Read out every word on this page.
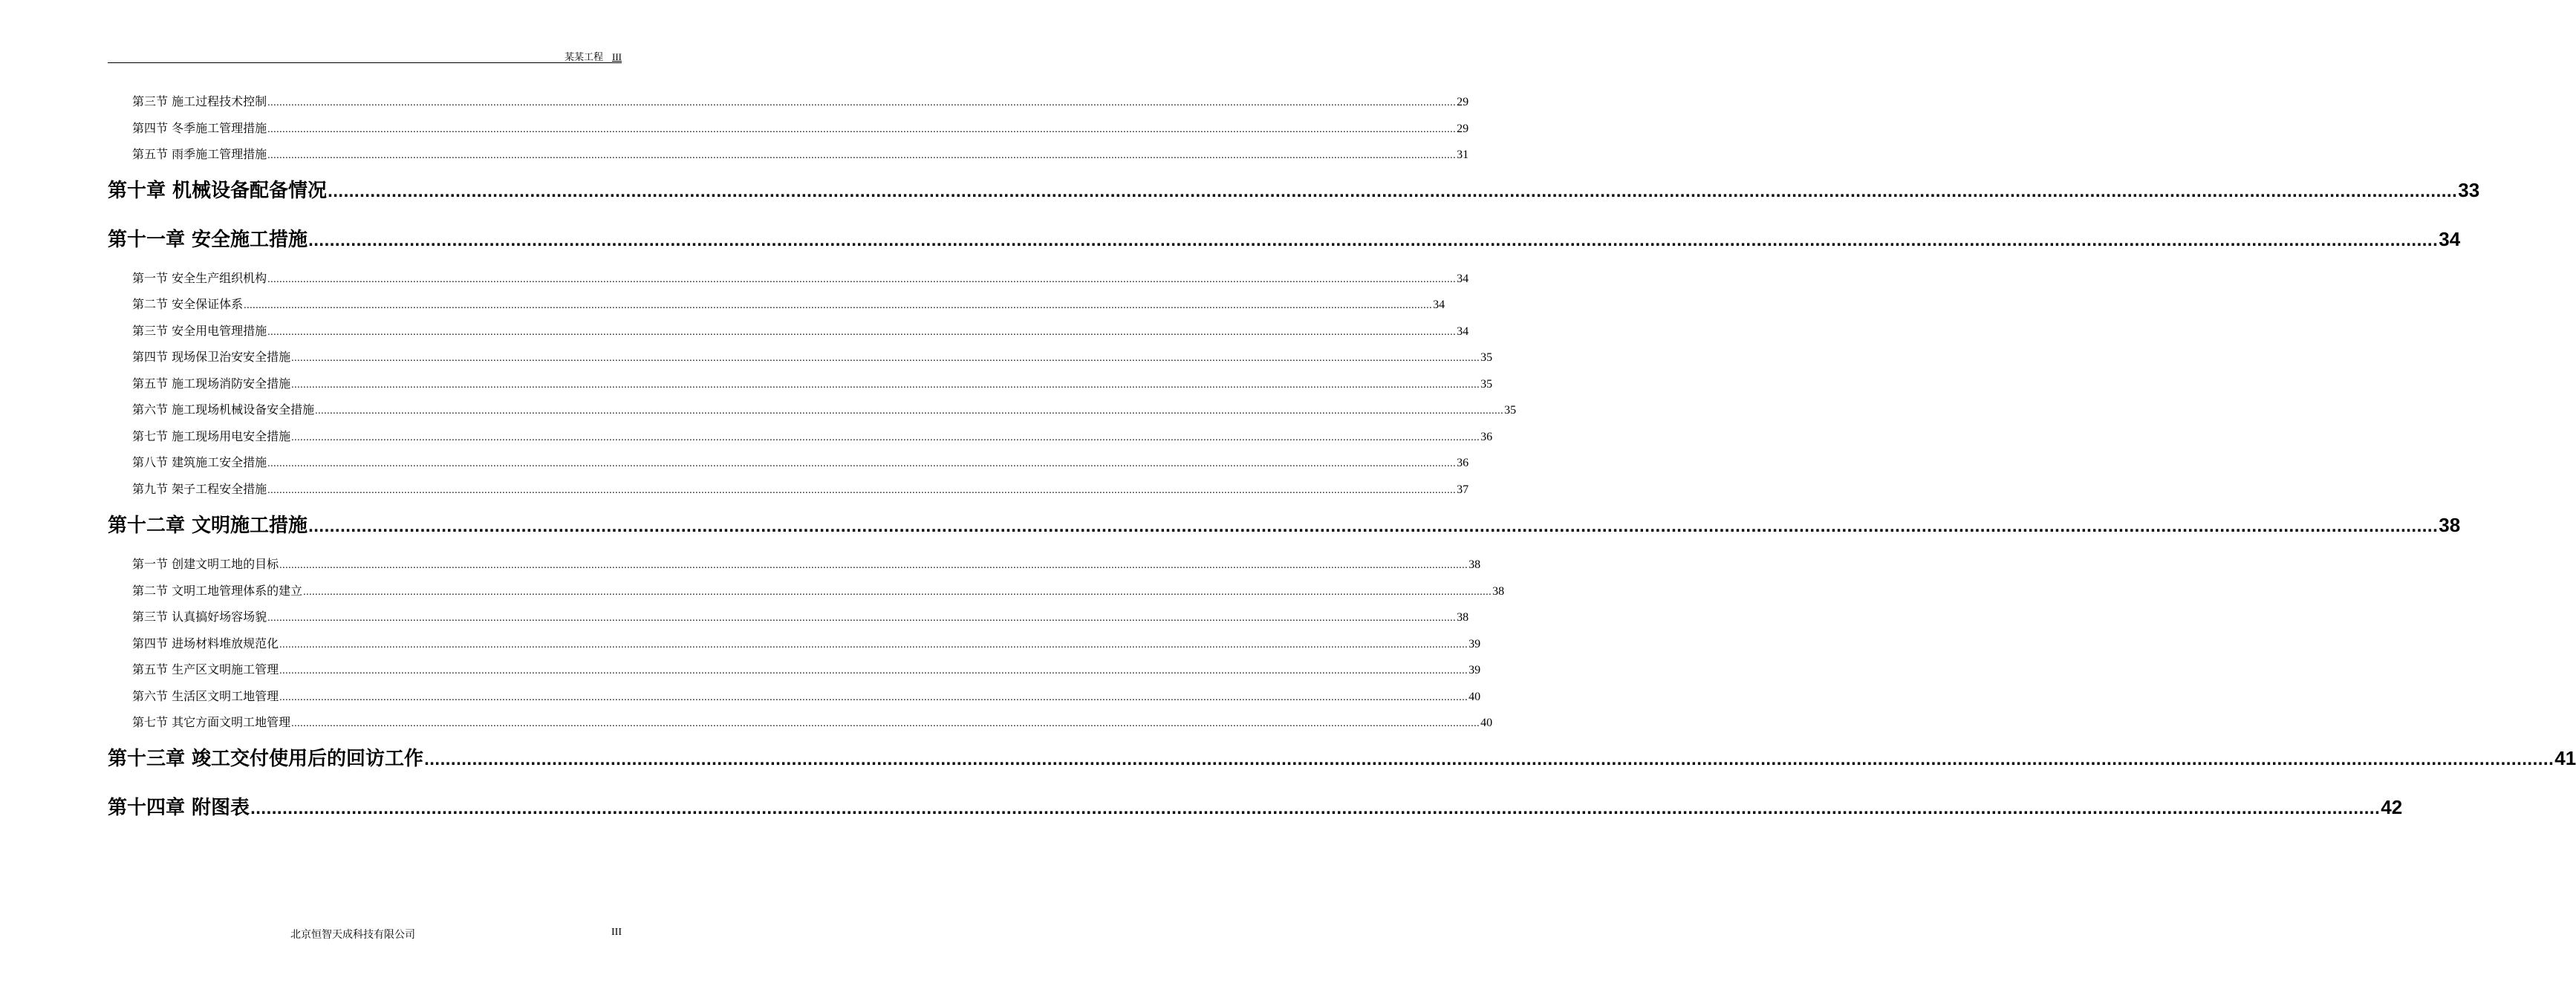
某某工程 III
第三节 施工过程技术控制 ................................................................................................................................................................................................................................................................................................................................................................................................................ 29
第四节 冬季施工管理措施 ................................................................................................................................................................................................................................................................................................................................................................................................................ 29
第五节 雨季施工管理措施 ................................................................................................................................................................................................................................................................................................................................................................................................................ 31
第十章 机械设备配备情况 ................................................................................................................................................................................................................................................................................................................................................................................................................ 33
第十一章 安全施工措施 ................................................................................................................................................................................................................................................................................................................................................................................................................ 34
第一节 安全生产组织机构 ................................................................................................................................................................................................................................................................................................................................................................................................................ 34
第二节 安全保证体系 ................................................................................................................................................................................................................................................................................................................................................................................................................ 34
第三节 安全用电管理措施 ................................................................................................................................................................................................................................................................................................................................................................................................................ 34
第四节 现场保卫治安安全措施 ................................................................................................................................................................................................................................................................................................................................................................................................................ 35
第五节 施工现场消防安全措施 ................................................................................................................................................................................................................................................................................................................................................................................................................ 35
第六节 施工现场机械设备安全措施 ................................................................................................................................................................................................................................................................................................................................................................................................................ 35
第七节 施工现场用电安全措施 ................................................................................................................................................................................................................................................................................................................................................................................................................ 36
第八节 建筑施工安全措施 ................................................................................................................................................................................................................................................................................................................................................................................................................ 36
第九节 架子工程安全措施 ................................................................................................................................................................................................................................................................................................................................................................................................................ 37
第十二章 文明施工措施 ................................................................................................................................................................................................................................................................................................................................................................................................................ 38
第一节 创建文明工地的目标 ................................................................................................................................................................................................................................................................................................................................................................................................................ 38
第二节 文明工地管理体系的建立 ................................................................................................................................................................................................................................................................................................................................................................................................................ 38
第三节 认真搞好场容场貌 ................................................................................................................................................................................................................................................................................................................................................................................................................ 38
第四节 进场材料堆放规范化 ................................................................................................................................................................................................................................................................................................................................................................................................................ 39
第五节 生产区文明施工管理 ................................................................................................................................................................................................................................................................................................................................................................................................................ 39
第六节 生活区文明工地管理 ................................................................................................................................................................................................................................................................................................................................................................................................................ 40
第七节 其它方面文明工地管理 ................................................................................................................................................................................................................................................................................................................................................................................................................ 40
第十三章 竣工交付使用后的回访工作 ................................................................................................................................................................................................................................................................................................................................................................................................................ 41
第十四章 附图表 ................................................................................................................................................................................................................................................................................................................................................................................................................ 42
北京恒智天成科技有限公司	III
